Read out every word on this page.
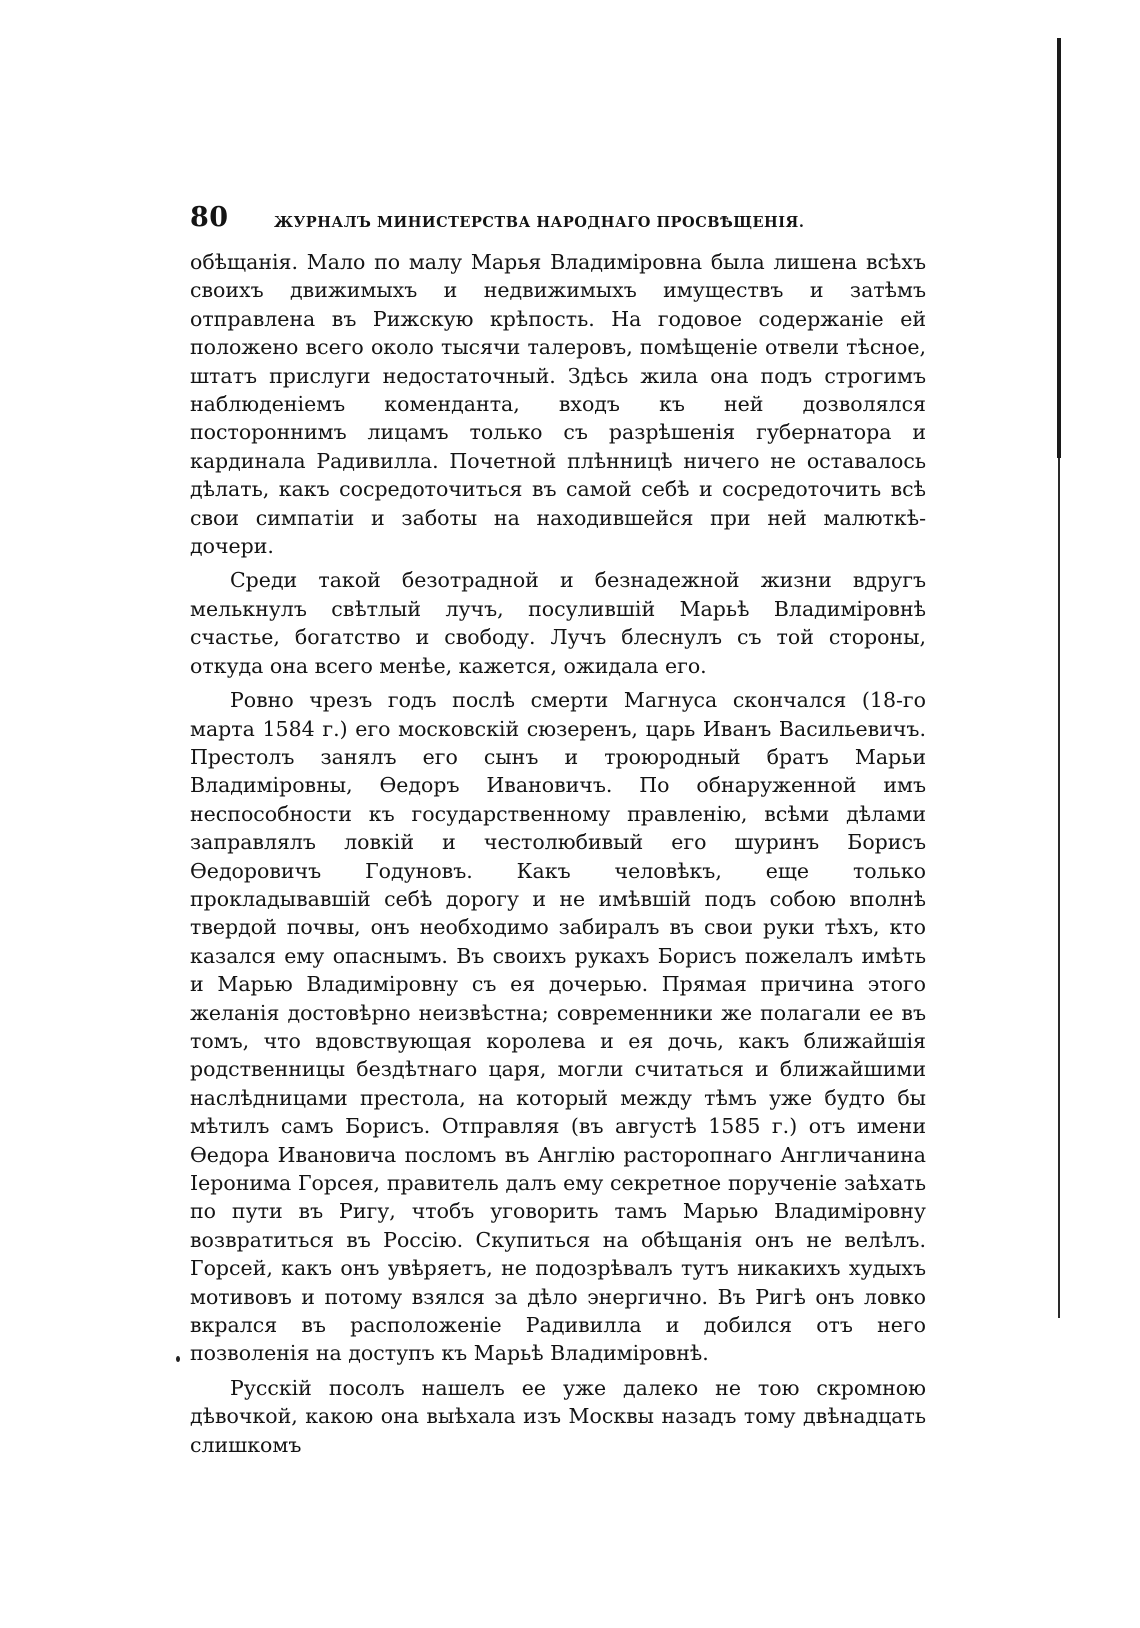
80	ЖУРНАЛЪ МИНИСТЕРСТВА НАРОДНАГО ПРОСВѢЩЕНІЯ.

обѣщанія. Мало по малу Марья Владиміровна была лишена всѣхъ своихъ движимыхъ и недвижимыхъ имуществъ и затѣмъ отправлена въ Рижскую крѣпость. На годовое содержаніе ей положено всего около тысячи талеровъ, помѣщеніе отвели тѣсное, штатъ прислуги недостаточный. Здѣсь жила она подъ строгимъ наблюденіемъ коменданта, входъ къ ней дозволялся постороннимъ лицамъ только съ разрѣшенія губернатора и кардинала Радивилла. Почетной плѣнницѣ ничего не оставалось дѣлать, какъ сосредоточиться въ самой себѣ и сосредоточить всѣ свои симпатіи и заботы на находившейся при ней малюткѣ-дочери.

Среди такой безотрадной и безнадежной жизни вдругъ мелькнулъ свѣтлый лучъ, посулившій Марьѣ Владиміровнѣ счастье, богатство и свободу. Лучъ блеснулъ съ той стороны, откуда она всего менѣе, кажется, ожидала его.

Ровно чрезъ годъ послѣ смерти Магнуса скончался (18-го марта 1584 г.) его московскій сюзеренъ, царь Иванъ Васильевичъ. Престолъ занялъ его сынъ и троюродный братъ Марьи Владиміровны, Өедоръ Ивановичъ. По обнаруженной имъ неспособности къ государственному правленію, всѣми дѣлами заправлялъ ловкій и честолюбивый его шуринъ Борисъ Өедоровичъ Годуновъ. Какъ человѣкъ, еще только прокладывавшій себѣ дорогу и не имѣвшій подъ собою вполнѣ твердой почвы, онъ необходимо забиралъ въ свои руки тѣхъ, кто казался ему опаснымъ. Въ своихъ рукахъ Борисъ пожелалъ имѣть и Марью Владиміровну съ ея дочерью. Прямая причина этого желанія достовѣрно неизвѣстна; современники же полагали ее въ томъ, что вдовствующая королева и ея дочь, какъ ближайшія родственницы бездѣтнаго царя, могли считаться и ближайшими наслѣдницами престола, на который между тѣмъ уже будто бы мѣтилъ самъ Борисъ. Отправляя (въ августѣ 1585 г.) отъ имени Өедора Ивановича посломъ въ Англію расторопнаго Англичанина Іеронима Горсея, правитель далъ ему секретное порученіе заѣхать по пути въ Ригу, чтобъ уговорить тамъ Марью Владиміровну возвратиться въ Россію. Скупиться на обѣщанія онъ не велѣлъ. Горсей, какъ онъ увѣряетъ, не подозрѣвалъ тутъ никакихъ худыхъ мотивовъ и потому взялся за дѣло энергично. Въ Ригѣ онъ ловко вкрался въ расположеніе Радивилла и добился отъ него позволенія на доступъ къ Марьѣ Владиміровнѣ.

Русскій посолъ нашелъ ее уже далеко не тою скромною дѣвочкой, какою она выѣхала изъ Москвы назадъ тому двѣнадцать слишкомъ
